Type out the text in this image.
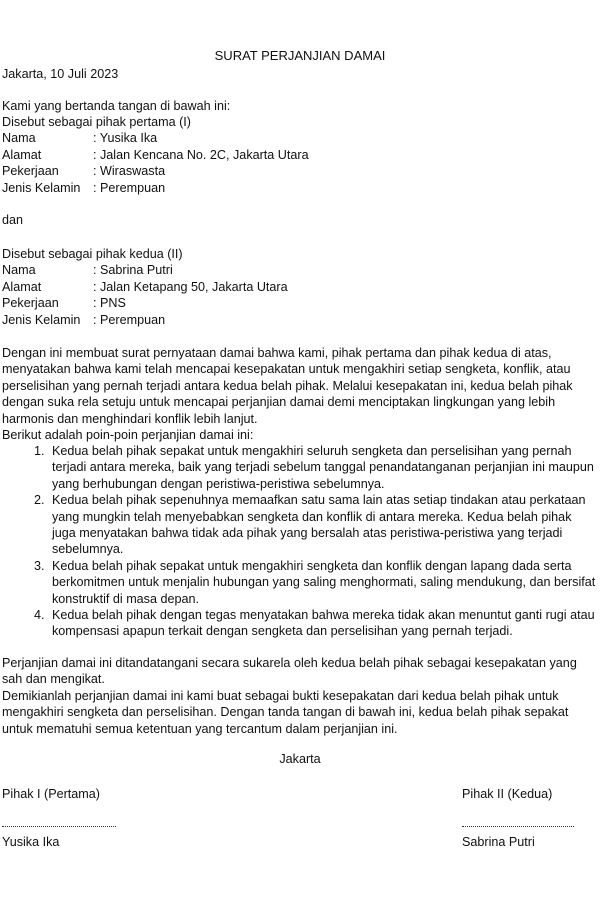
SURAT PERJANJIAN DAMAI
Jakarta, 10 Juli 2023
Kami yang bertanda tangan di bawah ini:
Disebut sebagai pihak pertama (I)
Nama	: Yusika Ika
Alamat	: Jalan Kencana No. 2C, Jakarta Utara
Pekerjaan	: Wiraswasta
Jenis Kelamin : Perempuan
dan
Disebut sebagai pihak kedua (II)
Nama	: Sabrina Putri
Alamat	: Jalan Ketapang 50, Jakarta Utara
Pekerjaan	: PNS
Jenis Kelamin : Perempuan
Dengan ini membuat surat pernyataan damai bahwa kami, pihak pertama dan pihak kedua di atas, menyatakan bahwa kami telah mencapai kesepakatan untuk mengakhiri setiap sengketa, konflik, atau perselisihan yang pernah terjadi antara kedua belah pihak. Melalui kesepakatan ini, kedua belah pihak dengan suka rela setuju untuk mencapai perjanjian damai demi menciptakan lingkungan yang lebih harmonis dan menghindari konflik lebih lanjut.
Berikut adalah poin-poin perjanjian damai ini:
1. Kedua belah pihak sepakat untuk mengakhiri seluruh sengketa dan perselisihan yang pernah terjadi antara mereka, baik yang terjadi sebelum tanggal penandatanganan perjanjian ini maupun yang berhubungan dengan peristiwa-peristiwa sebelumnya.
2. Kedua belah pihak sepenuhnya memaafkan satu sama lain atas setiap tindakan atau perkataan yang mungkin telah menyebabkan sengketa dan konflik di antara mereka. Kedua belah pihak juga menyatakan bahwa tidak ada pihak yang bersalah atas peristiwa-peristiwa yang terjadi sebelumnya.
3. Kedua belah pihak sepakat untuk mengakhiri sengketa dan konflik dengan lapang dada serta berkomitmen untuk menjalin hubungan yang saling menghormati, saling mendukung, dan bersifat konstruktif di masa depan.
4. Kedua belah pihak dengan tegas menyatakan bahwa mereka tidak akan menuntut ganti rugi atau kompensasi apapun terkait dengan sengketa dan perselisihan yang pernah terjadi.
Perjanjian damai ini ditandatangani secara sukarela oleh kedua belah pihak sebagai kesepakatan yang sah dan mengikat.
Demikianlah perjanjian damai ini kami buat sebagai bukti kesepakatan dari kedua belah pihak untuk mengakhiri sengketa dan perselisihan. Dengan tanda tangan di bawah ini, kedua belah pihak sepakat untuk mematuhi semua ketentuan yang tercantum dalam perjanjian ini.
Jakarta
Pihak I (Pertama)	Pihak II (Kedua)
Yusika Ika	Sabrina Putri
